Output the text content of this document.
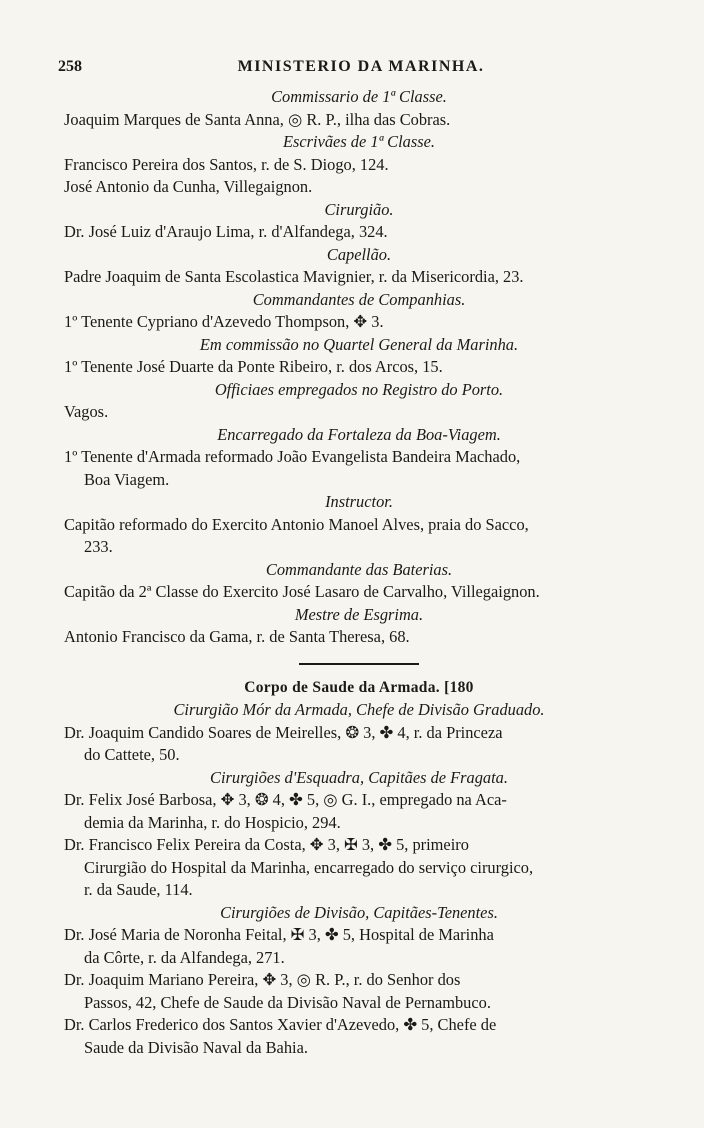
258	MINISTERIO DA MARINHA.
Commissario de 1ª Classe.
Joaquim Marques de Santa Anna, ◎ R. P., ilha das Cobras.
Escrivães de 1ª Classe.
Francisco Pereira dos Santos, r. de S. Diogo, 124.
José Antonio da Cunha, Villegaignon.
Cirurgião.
Dr. José Luiz d'Araujo Lima, r. d'Alfandega, 324.
Capellão.
Padre Joaquim de Santa Escolastica Mavignier, r. da Misericordia, 23.
Commandantes de Companhias.
1º Tenente Cypriano d'Azevedo Thompson, ✥ 3.
Em commissão no Quartel General da Marinha.
1º Tenente José Duarte da Ponte Ribeiro, r. dos Arcos, 15.
Officiaes empregados no Registro do Porto.
Vagos.
Encarregado da Fortaleza da Boa-Viagem.
1º Tenente d'Armada reformado João Evangelista Bandeira Machado,
Boa Viagem.
Instructor.
Capitão reformado do Exercito Antonio Manoel Alves, praia do Sacco,
233.
Commandante das Baterias.
Capitão da 2ª Classe do Exercito José Lasaro de Carvalho, Villegaignon.
Mestre de Esgrima.
Antonio Francisco da Gama, r. de Santa Theresa, 68.
Corpo de Saude da Armada. [180
Cirurgião Mór da Armada, Chefe de Divisão Graduado.
Dr. Joaquim Candido Soares de Meirelles, ❂ 3, ✤ 4, r. da Princeza
do Cattete, 50.
Cirurgiões d'Esquadra, Capitães de Fragata.
Dr. Felix José Barbosa, ✥ 3, ❂ 4, ✤ 5, ◎ G. I., empregado na Aca-
demia da Marinha, r. do Hospicio, 294.
Dr. Francisco Felix Pereira da Costa, ✥ 3, ✠ 3, ✤ 5, primeiro
Cirurgião do Hospital da Marinha, encarregado do serviço cirurgico,
r. da Saude, 114.
Cirurgiões de Divisão, Capitães-Tenentes.
Dr. José Maria de Noronha Feital, ✠ 3, ✤ 5, Hospital de Marinha
da Côrte, r. da Alfandega, 271.
Dr. Joaquim Mariano Pereira, ✥ 3, ◎ R. P., r. do Senhor dos
Passos, 42, Chefe de Saude da Divisão Naval de Pernambuco.
Dr. Carlos Frederico dos Santos Xavier d'Azevedo, ✤ 5, Chefe de
Saude da Divisão Naval da Bahia.
